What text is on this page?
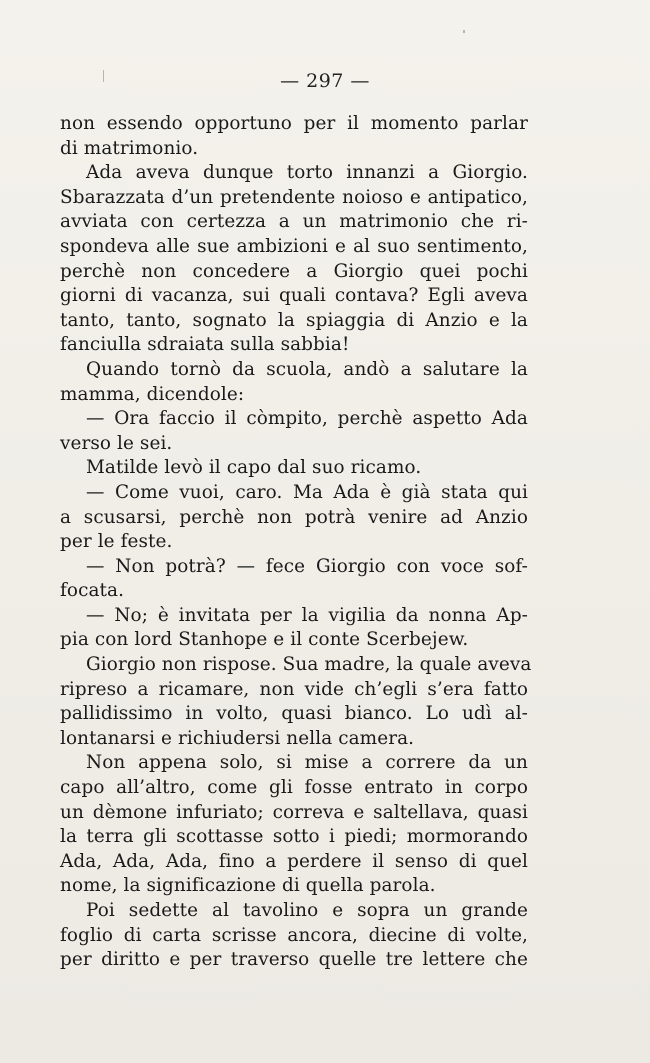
— 297 —
non essendo opportuno per il momento parlar
di matrimonio.
Ada aveva dunque torto innanzi a Giorgio.
Sbarazzata d’un pretendente noioso e antipatico,
avviata con certezza a un matrimonio che ri-
spondeva alle sue ambizioni e al suo sentimento,
perchè non concedere a Giorgio quei pochi
giorni di vacanza, sui quali contava? Egli aveva
tanto, tanto, sognato la spiaggia di Anzio e la
fanciulla sdraiata sulla sabbia!
Quando tornò da scuola, andò a salutare la
mamma, dicendole:
— Ora faccio il còmpito, perchè aspetto Ada
verso le sei.
Matilde levò il capo dal suo ricamo.
— Come vuoi, caro. Ma Ada è già stata qui
a scusarsi, perchè non potrà venire ad Anzio
per le feste.
— Non potrà? — fece Giorgio con voce sof-
focata.
— No; è invitata per la vigilia da nonna Ap-
pia con lord Stanhope e il conte Scerbejew.
Giorgio non rispose. Sua madre, la quale aveva
ripreso a ricamare, non vide ch’egli s’era fatto
pallidissimo in volto, quasi bianco. Lo udì al-
lontanarsi e richiudersi nella camera.
Non appena solo, si mise a correre da un
capo all’altro, come gli fosse entrato in corpo
un dèmone infuriato; correva e saltellava, quasi
la terra gli scottasse sotto i piedi; mormorando
Ada, Ada, Ada, fino a perdere il senso di quel
nome, la significazione di quella parola.
Poi sedette al tavolino e sopra un grande
foglio di carta scrisse ancora, diecine di volte,
per diritto e per traverso quelle tre lettere che
